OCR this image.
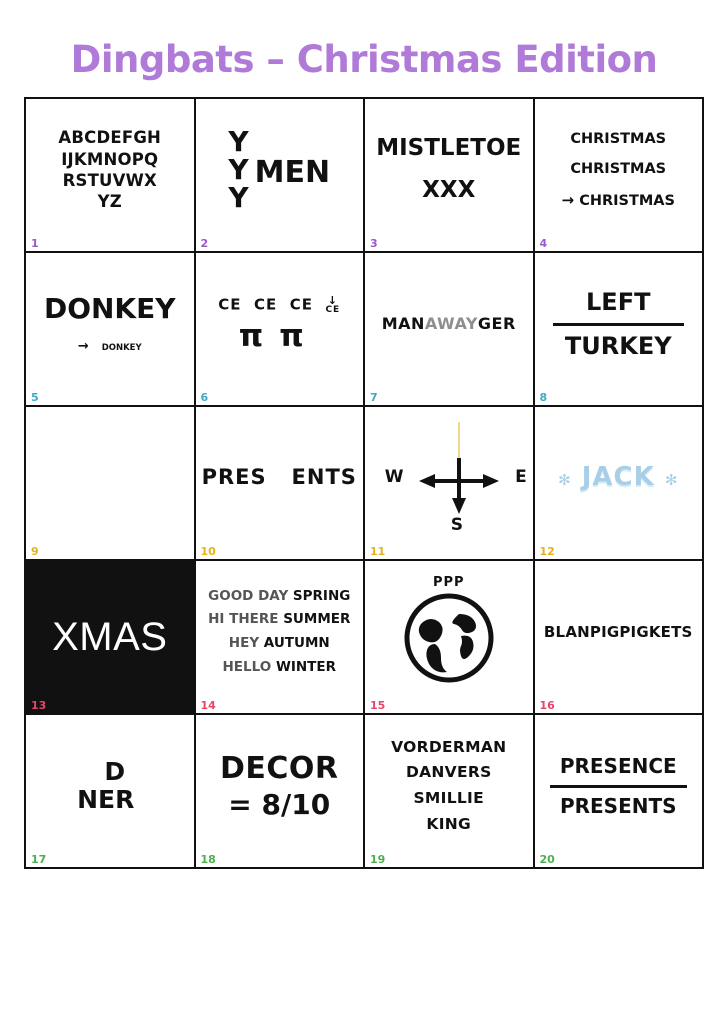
Dingbats – Christmas Edition
ABCDEFGH
IJKMNOPQ
RSTUVWX
YZ
1
Y
Y
Y
MEN
2
MISTLETOE
XXX
3
CHRISTMAS
CHRISTMAS
→ CHRISTMAS
4
DONKEY
→ DONKEY
5
CE CE CE ↓
CE
ππ
6
MANAWAYGER
7
LEFT
TURKEY
8
NIGHT
9
PRES ENTS
10
W	E
S
11
✻ JACK ✻
12
XMAS
13
GOOD DAY SPRING
HI THERE SUMMER
HEY AUTUMN
HELLO WINTER
14
PPP
15
BLANPIGPIGKETS
16
D
NER
17
DECOR
= 8/10
18
VORDERMAN
DANVERS
SMILLIE
KING
19
PRESENCE
PRESENTS
20
